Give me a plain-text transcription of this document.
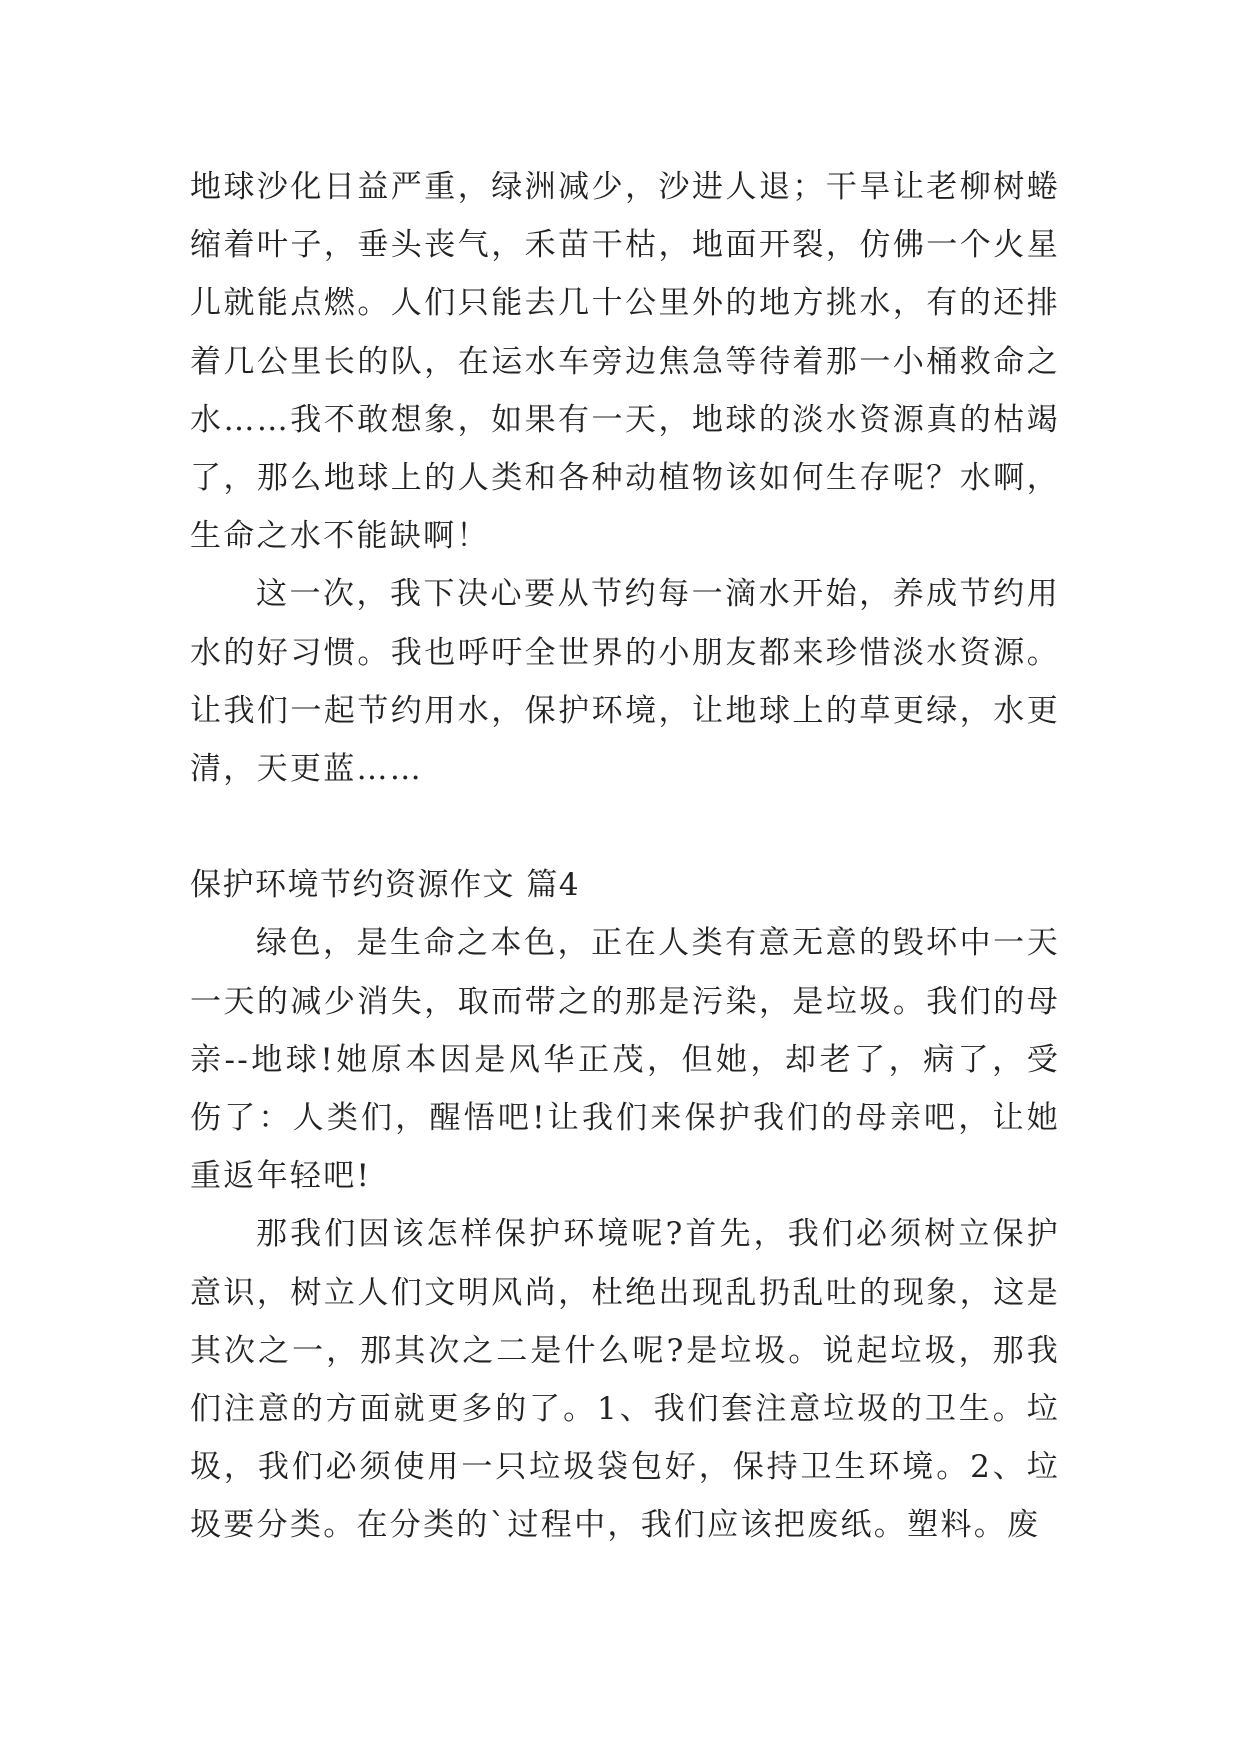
地球沙化日益严重，绿洲减少，沙进人退；干旱让老柳树蜷缩着叶子，垂头丧气，禾苗干枯，地面开裂，仿佛一个火星儿就能点燃。人们只能去几十公里外的地方挑水，有的还排着几公里长的队，在运水车旁边焦急等待着那一小桶救命之水……我不敢想象，如果有一天，地球的淡水资源真的枯竭了，那么地球上的人类和各种动植物该如何生存呢？水啊，生命之水不能缺啊！

这一次，我下决心要从节约每一滴水开始，养成节约用水的好习惯。我也呼吁全世界的小朋友都来珍惜淡水资源。让我们一起节约用水，保护环境，让地球上的草更绿，水更清，天更蓝……

保护环境节约资源作文 篇4

绿色，是生命之本色，正在人类有意无意的毁坏中一天一天的减少消失，取而带之的那是污染，是垃圾。我们的母亲--地球!她原本因是风华正茂，但她，却老了，病了，受伤了：人类们，醒悟吧!让我们来保护我们的母亲吧，让她重返年轻吧!

那我们因该怎样保护环境呢?首先，我们必须树立保护意识，树立人们文明风尚，杜绝出现乱扔乱吐的现象，这是其次之一，那其次之二是什么呢?是垃圾。说起垃圾，那我们注意的方面就更多的了。1、我们套注意垃圾的卫生。垃圾，我们必须使用一只垃圾袋包好，保持卫生环境。2、垃圾要分类。在分类的`过程中，我们应该把废纸。塑料。废
